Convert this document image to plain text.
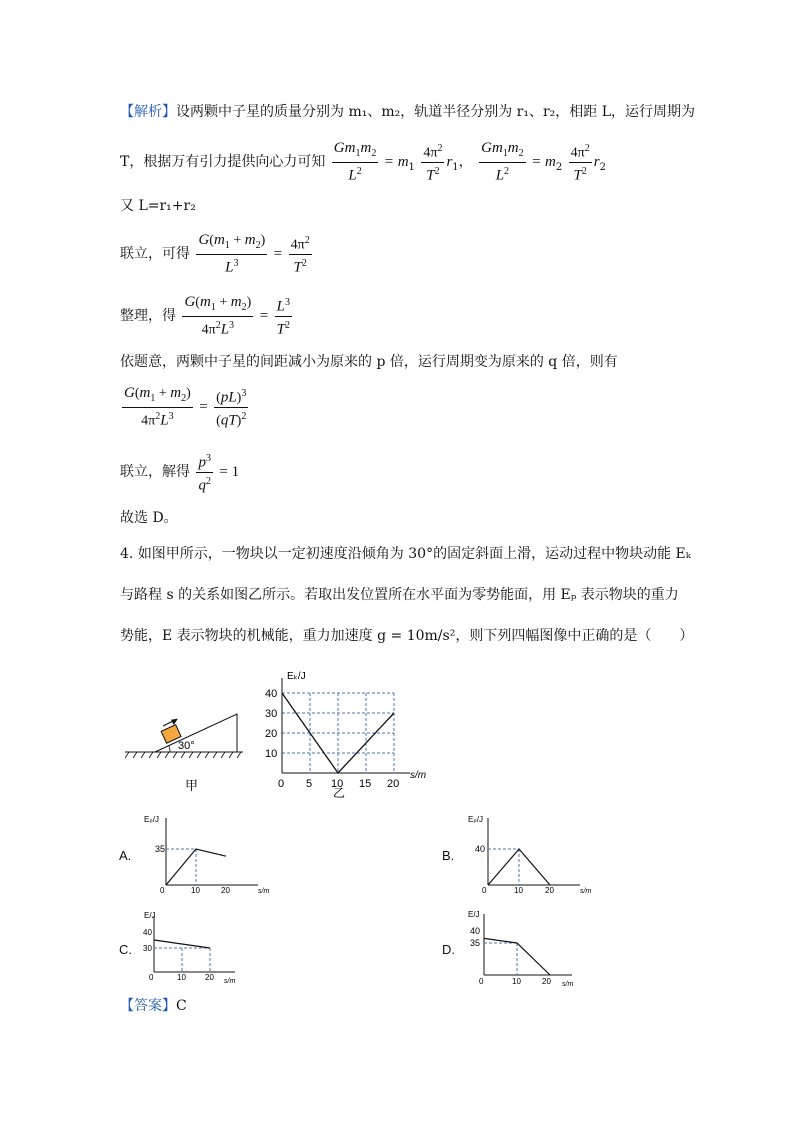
【解析】设两颗中子星的质量分别为 m₁、m₂，轨道半径分别为 r₁、r₂，相距 L，运行周期为
T，根据万有引力提供向心力可知 $\frac{Gm_1m_2}{L^2} = m_1 \frac{4\pi^2}{T^2} r_1$， $\frac{Gm_1m_2}{L^2} = m_2 \frac{4\pi^2}{T^2} r_2$
又 L=r₁+r₂
联立，可得 $\frac{G(m_1 + m_2)}{L^3} = \frac{4\pi^2}{T^2}$
整理，得 $\frac{G(m_1 + m_2)}{4\pi^2L^3} = \frac{L^3}{T^2}$
依题意，两颗中子星的间距减小为原来的 p 倍，运行周期变为原来的 q 倍，则有
$\frac{G(m_1 + m_2)}{4\pi^2L^3} = \frac{(pL)^3}{(qT)^2}$
联立，解得 $\frac{p^3}{q^2} = 1$
故选 D。
4. 如图甲所示，一物块以一定初速度沿倾角为 30°的固定斜面上滑，运动过程中物块动能 Eₖ
与路程 s 的关系如图乙所示。若取出发位置所在水平面为零势能面，用 Eₚ 表示物块的重力
势能，E 表示物块的机械能，重力加速度 g = 10m/s²，则下列四幅图像中正确的是（　　）
30°
甲
Eₖ/J
s/m
40
30
20
10
0 5 10 15 20
乙
A.
Eₚ/J
35
0	10	20	s/m
B.
Eₚ/J
40
0	10	20	s/m
C.
E/J
40
30
0	10 20 s/m
D.
E/J
40
35
0	10	20 s/m
【答案】C
